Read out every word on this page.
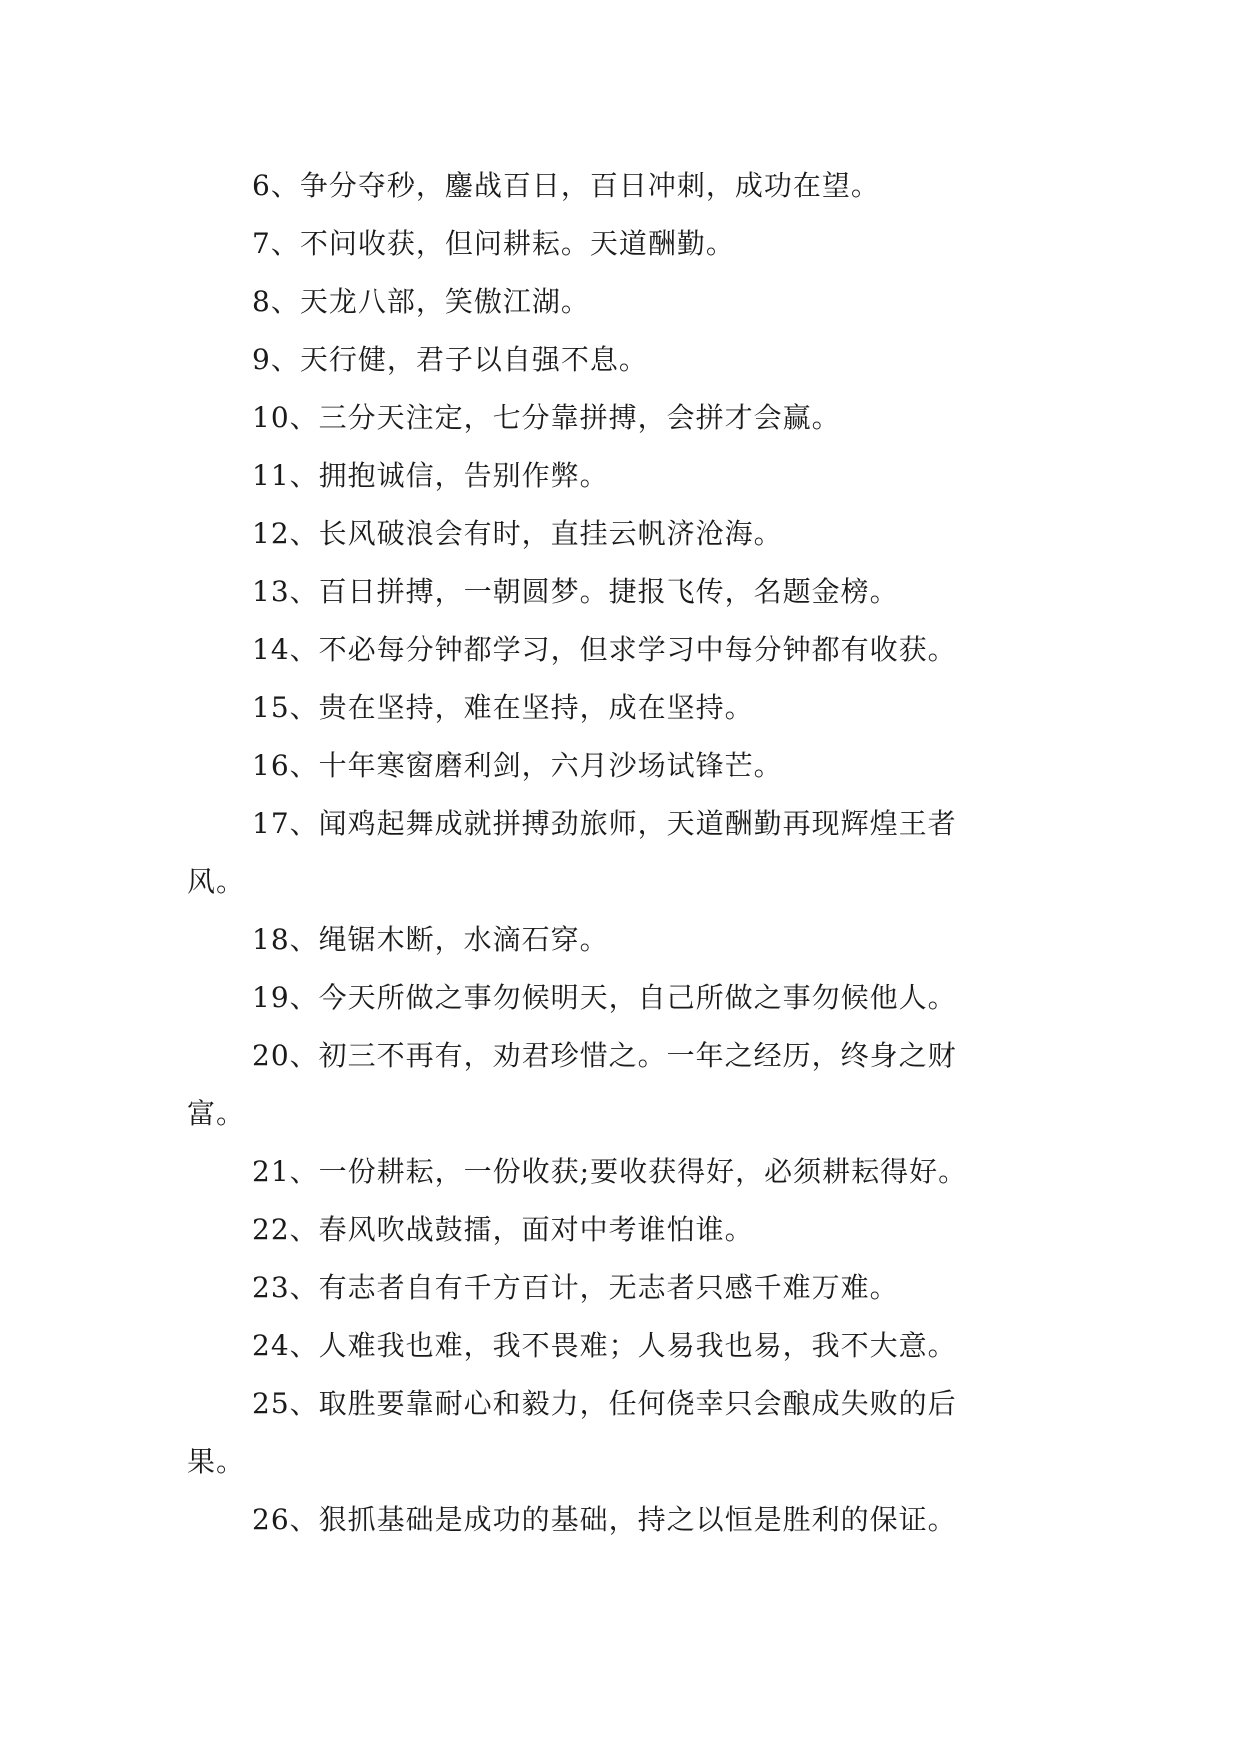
6、争分夺秒，鏖战百日，百日冲刺，成功在望。
7、不问收获，但问耕耘。天道酬勤。
8、天龙八部，笑傲江湖。
9、天行健，君子以自强不息。
10、三分天注定，七分靠拼搏，会拼才会赢。
11、拥抱诚信，告别作弊。
12、长风破浪会有时，直挂云帆济沧海。
13、百日拼搏，一朝圆梦。捷报飞传，名题金榜。
14、不必每分钟都学习，但求学习中每分钟都有收获。
15、贵在坚持，难在坚持，成在坚持。
16、十年寒窗磨利剑，六月沙场试锋芒。
17、闻鸡起舞成就拼搏劲旅师，天道酬勤再现辉煌王者
风。
18、绳锯木断，水滴石穿。
19、今天所做之事勿候明天，自己所做之事勿候他人。
20、初三不再有，劝君珍惜之。一年之经历，终身之财
富。
21、一份耕耘，一份收获;要收获得好，必须耕耘得好。
22、春风吹战鼓擂，面对中考谁怕谁。
23、有志者自有千方百计，无志者只感千难万难。
24、人难我也难，我不畏难；人易我也易，我不大意。
25、取胜要靠耐心和毅力，任何侥幸只会酿成失败的后
果。
26、狠抓基础是成功的基础，持之以恒是胜利的保证。
